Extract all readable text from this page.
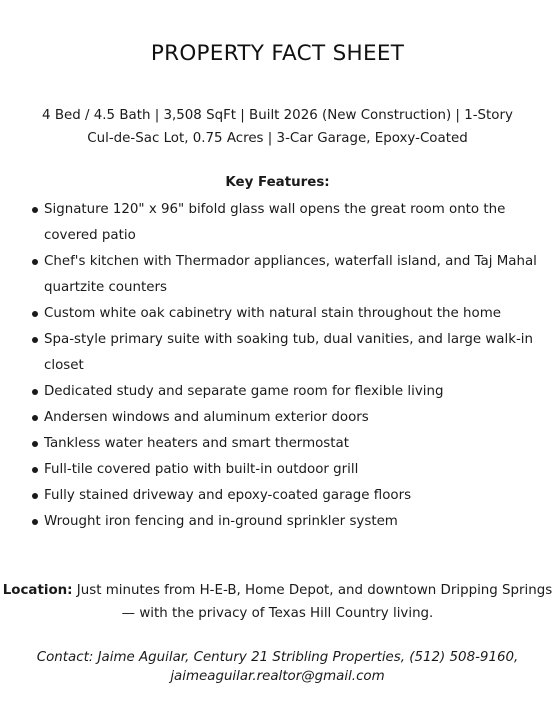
PROPERTY FACT SHEET
4 Bed / 4.5 Bath | 3,508 SqFt | Built 2026 (New Construction) | 1-Story
Cul-de-Sac Lot, 0.75 Acres | 3-Car Garage, Epoxy-Coated
Key Features:
Signature 120" x 96" bifold glass wall opens the great room onto the covered patio
Chef's kitchen with Thermador appliances, waterfall island, and Taj Mahal quartzite counters
Custom white oak cabinetry with natural stain throughout the home
Spa-style primary suite with soaking tub, dual vanities, and large walk-in closet
Dedicated study and separate game room for flexible living
Andersen windows and aluminum exterior doors
Tankless water heaters and smart thermostat
Full-tile covered patio with built-in outdoor grill
Fully stained driveway and epoxy-coated garage floors
Wrought iron fencing and in-ground sprinkler system
Location: Just minutes from H-E-B, Home Depot, and downtown Dripping Springs — with the privacy of Texas Hill Country living.
Contact: Jaime Aguilar, Century 21 Stribling Properties, (512) 508-9160,
jaimeaguilar.realtor@gmail.com
